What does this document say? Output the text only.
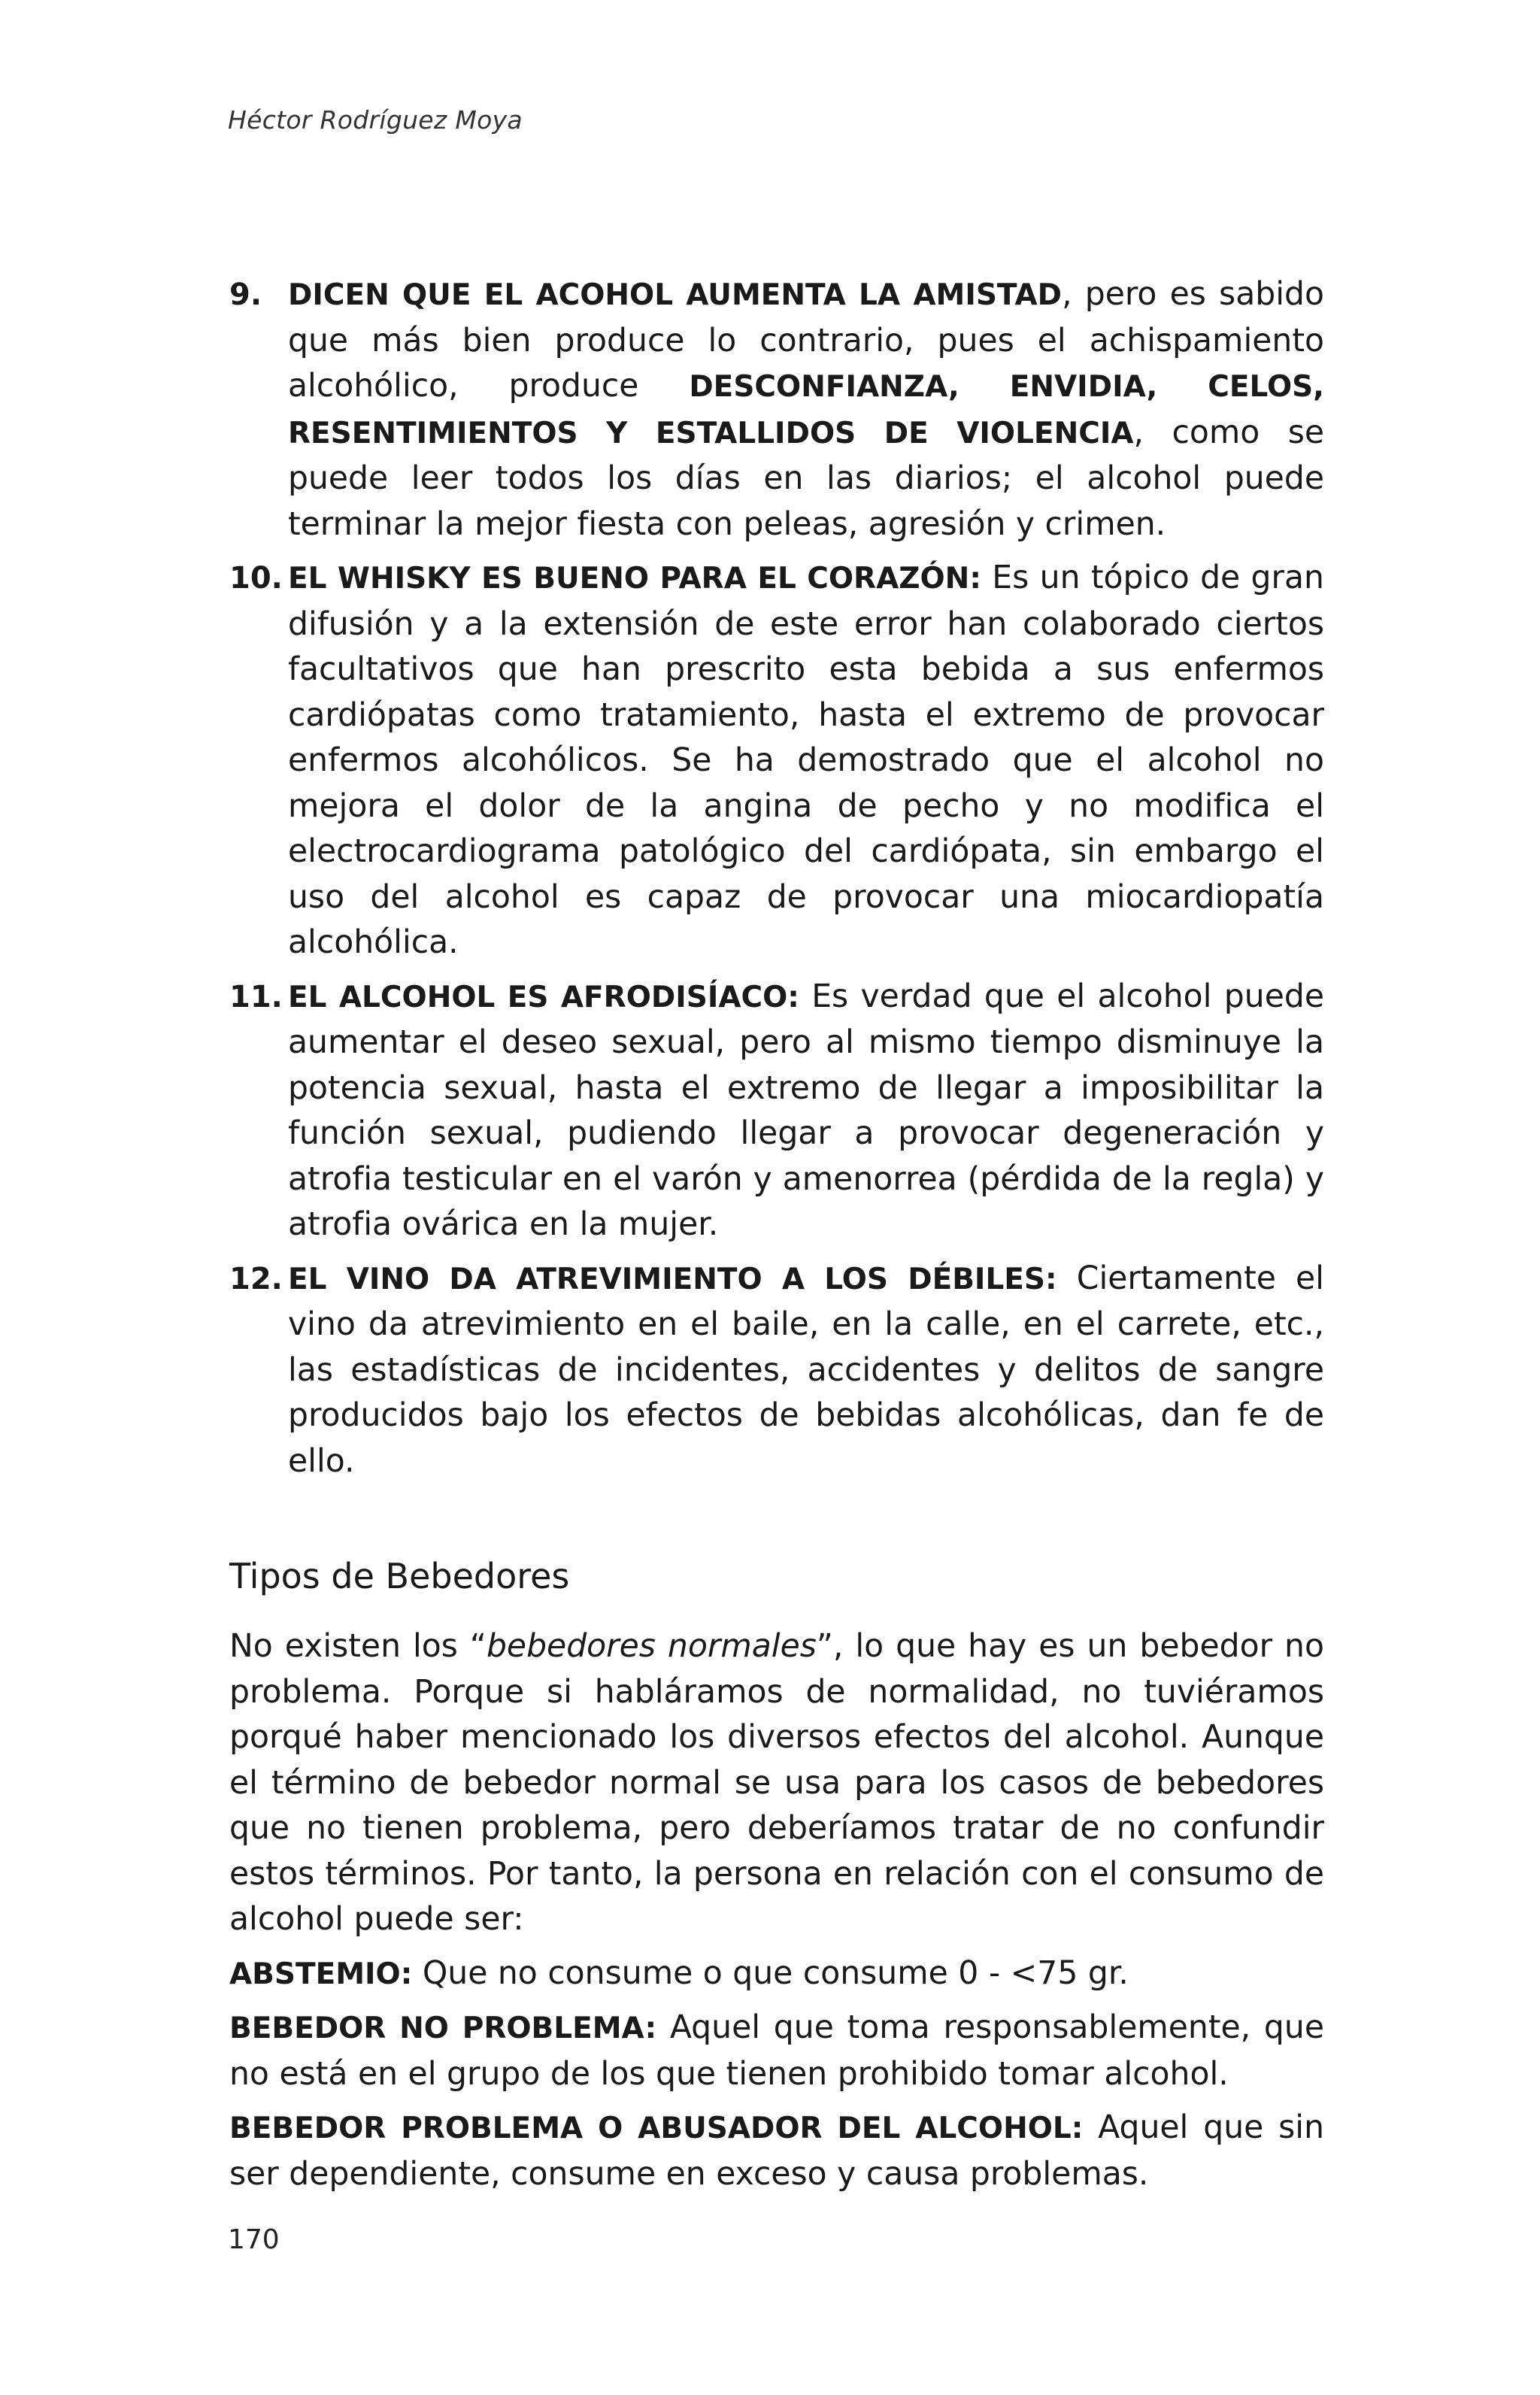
Héctor Rodríguez Moya
9. DICEN QUE EL ACOHOL AUMENTA LA AMISTAD, pero es sabido que más bien produce lo contrario, pues el achispamiento alcohólico, produce DESCONFIANZA, ENVIDIA, CELOS, RESENTIMIENTOS Y ESTALLIDOS DE VIOLENCIA, como se puede leer todos los días en las diarios; el alcohol puede terminar la mejor fiesta con peleas, agresión y crimen.
10. EL WHISKY ES BUENO PARA EL CORAZÓN: Es un tópico de gran difusión y a la extensión de este error han colaborado ciertos facultativos que han prescrito esta bebida a sus enfermos cardiópatas como tratamiento, hasta el extremo de provocar enfermos alcohólicos. Se ha demostrado que el alcohol no mejora el dolor de la angina de pecho y no modifica el electrocardiograma patológico del cardiópata, sin embargo el uso del alcohol es capaz de provocar una miocardiopatía alcohólica.
11. EL ALCOHOL ES AFRODISÍACO: Es verdad que el alcohol puede aumentar el deseo sexual, pero al mismo tiempo disminuye la potencia sexual, hasta el extremo de llegar a imposibilitar la función sexual, pudiendo llegar a provocar degeneración y atrofia testicular en el varón y amenorrea (pérdida de la regla) y atrofia ovárica en la mujer.
12. EL VINO DA ATREVIMIENTO A LOS DÉBILES: Ciertamente el vino da atrevimiento en el baile, en la calle, en el carrete, etc., las estadísticas de incidentes, accidentes y delitos de sangre producidos bajo los efectos de bebidas alcohólicas, dan fe de ello.
Tipos de Bebedores

No existen los “bebedores normales”, lo que hay es un bebedor no problema. Porque si habláramos de normalidad, no tuviéramos porqué haber mencionado los diversos efectos del alcohol. Aunque el término de bebedor normal se usa para los casos de bebedores que no tienen problema, pero deberíamos tratar de no confundir estos términos. Por tanto, la persona en relación con el consumo de alcohol puede ser:

ABSTEMIO: Que no consume o que consume 0 - <75 gr.

BEBEDOR NO PROBLEMA: Aquel que toma responsablemente, que no está en el grupo de los que tienen prohibido tomar alcohol.

BEBEDOR PROBLEMA O ABUSADOR DEL ALCOHOL: Aquel que sin ser dependiente, consume en exceso y causa problemas.

170
